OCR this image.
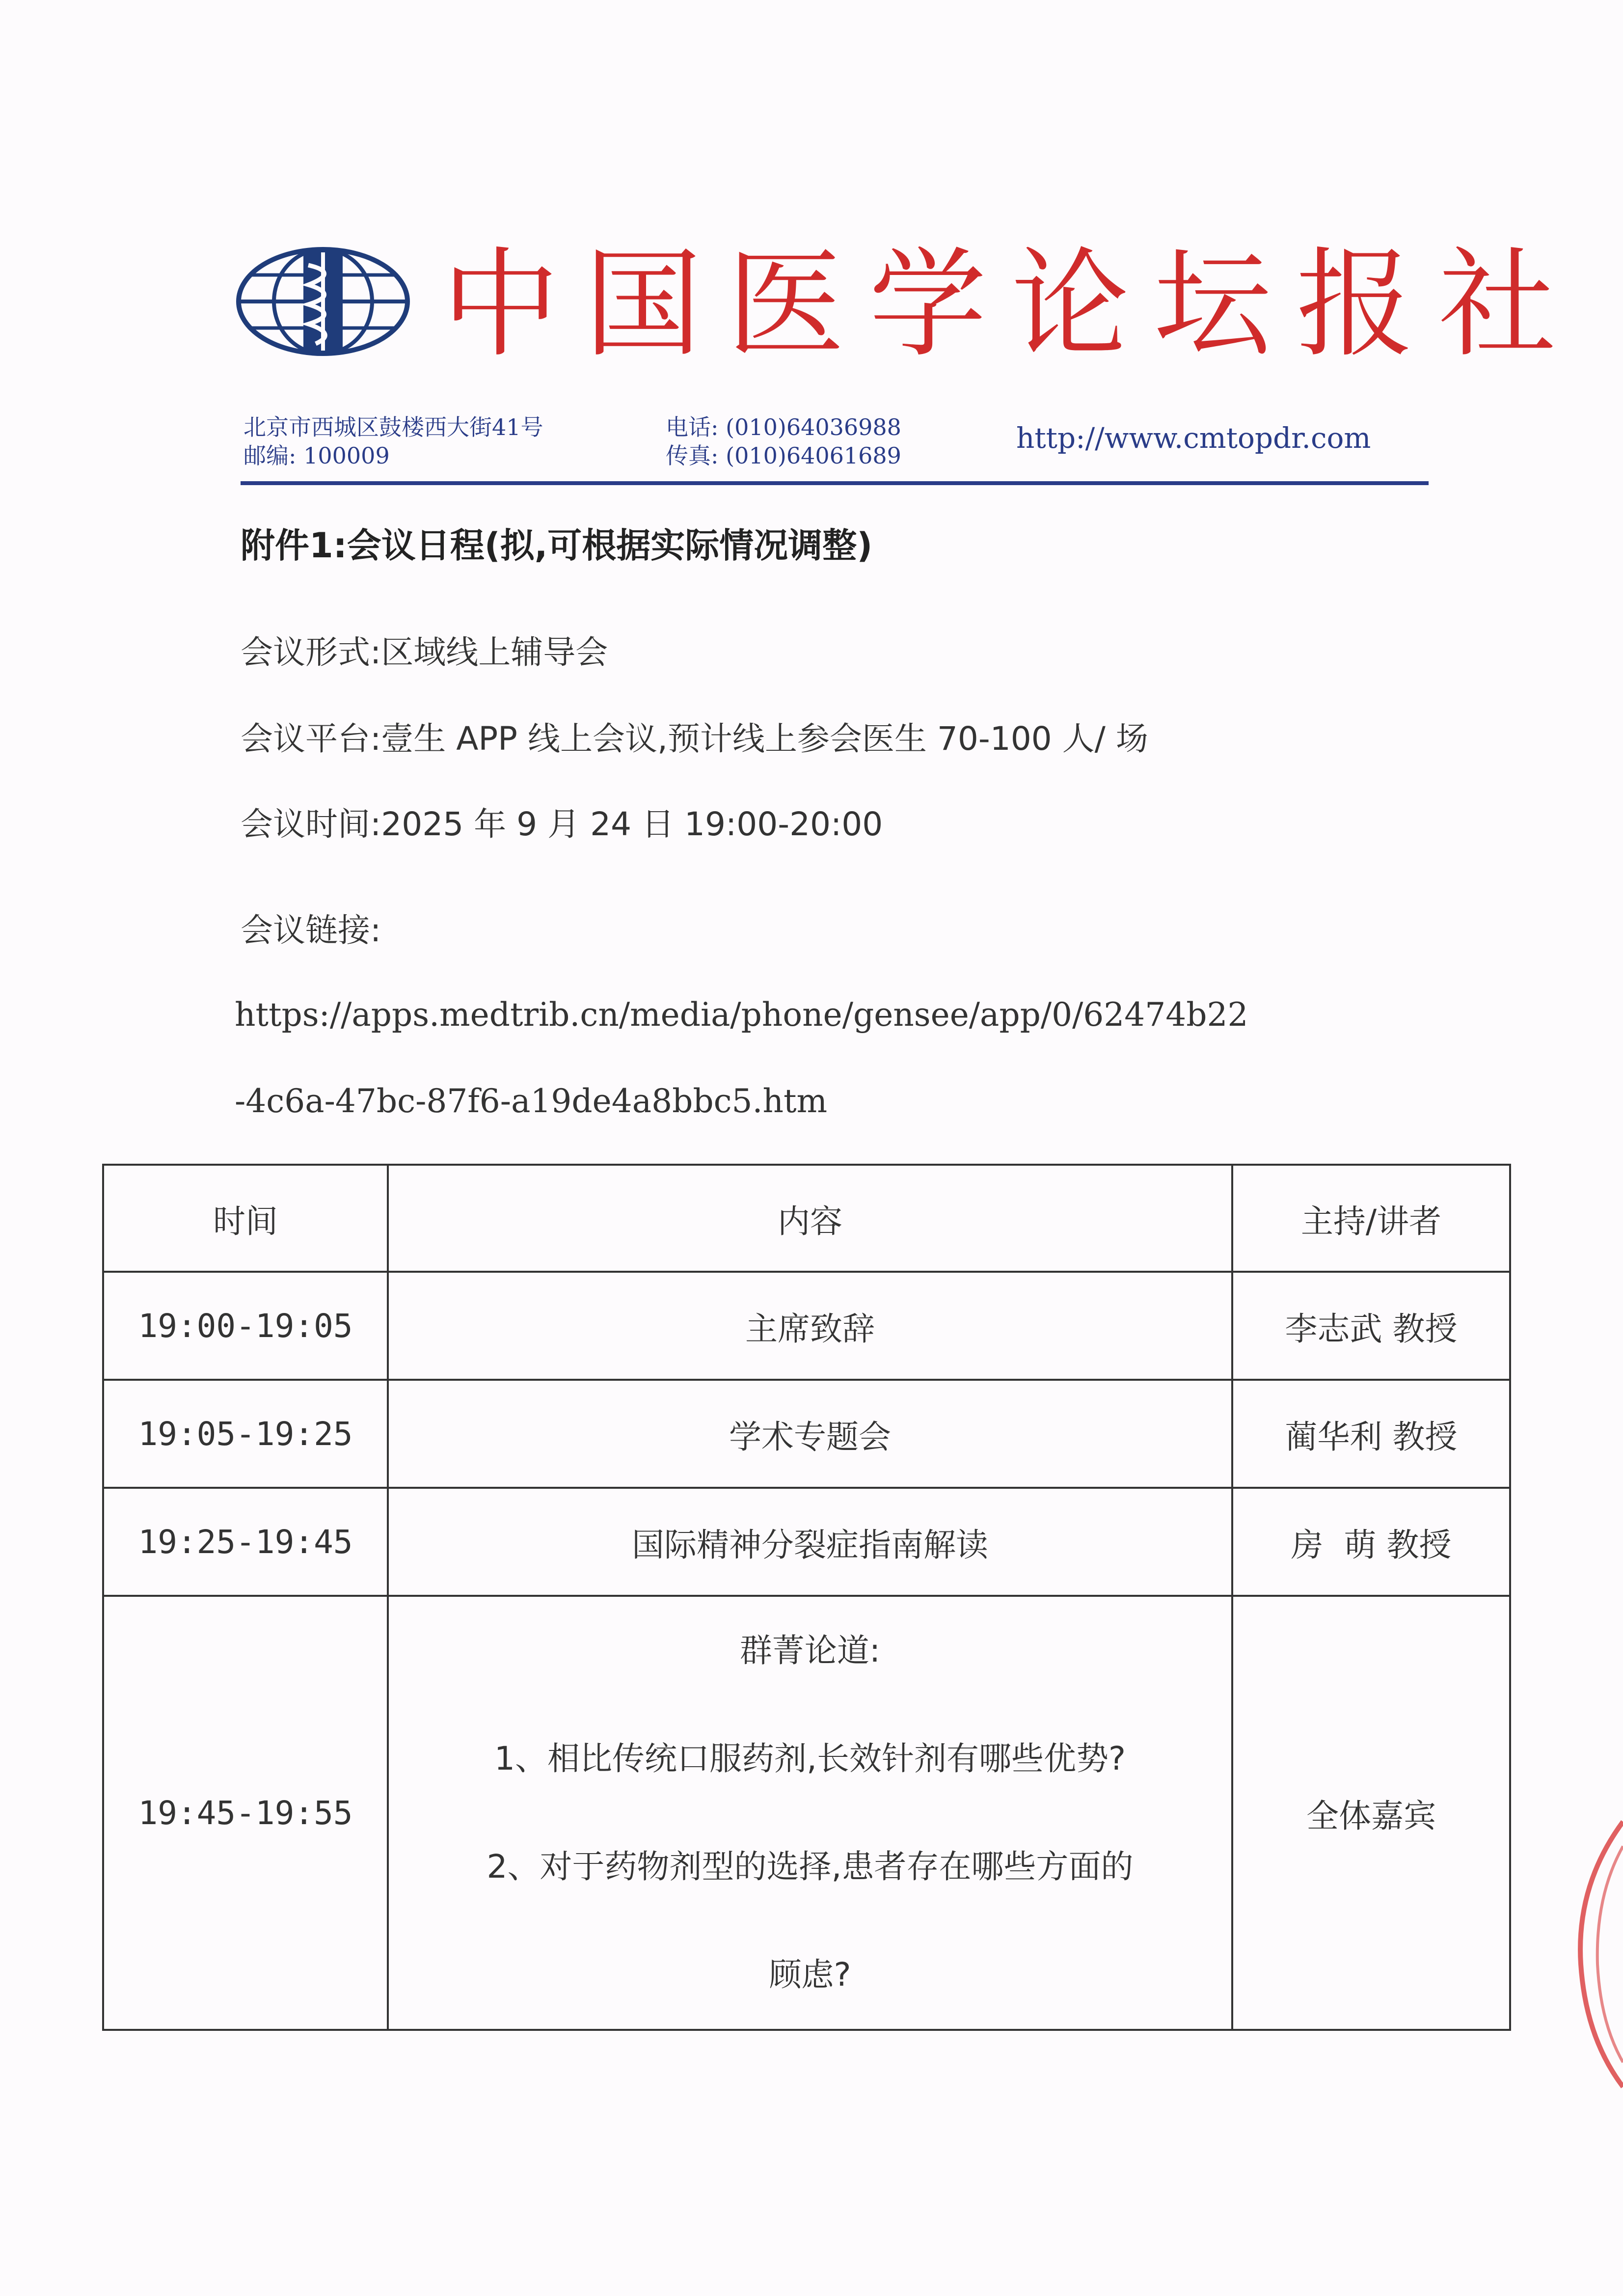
中国医学论坛报社
北京市西城区鼓楼西大街41号
邮编: 100009
电话: (010)64036988
传真: (010)64061689
http://www.cmtopdr.com
附件1:会议日程(拟,可根据实际情况调整)
会议形式:区域线上辅导会
会议平台:壹生 APP 线上会议,预计线上参会医生 70-100 人/ 场
会议时间:2025 年 9 月 24 日 19:00-20:00
会议链接:
https://apps.medtrib.cn/media/phone/gensee/app/0/62474b22
-4c6a-47bc-87f6-a19de4a8bbc5.htm
时间	内容	主持/讲者
19:00-19:05	主席致辞	李志武 教授
19:05-19:25	学术专题会	蔺华利 教授
19:25-19:45	国际精神分裂症指南解读	房  萌 教授
19:45-19:55	群菁论道:
1、相比传统口服药剂,长效针剂有哪些优势?
2、对于药物剂型的选择,患者存在哪些方面的
顾虑?	全体嘉宾
